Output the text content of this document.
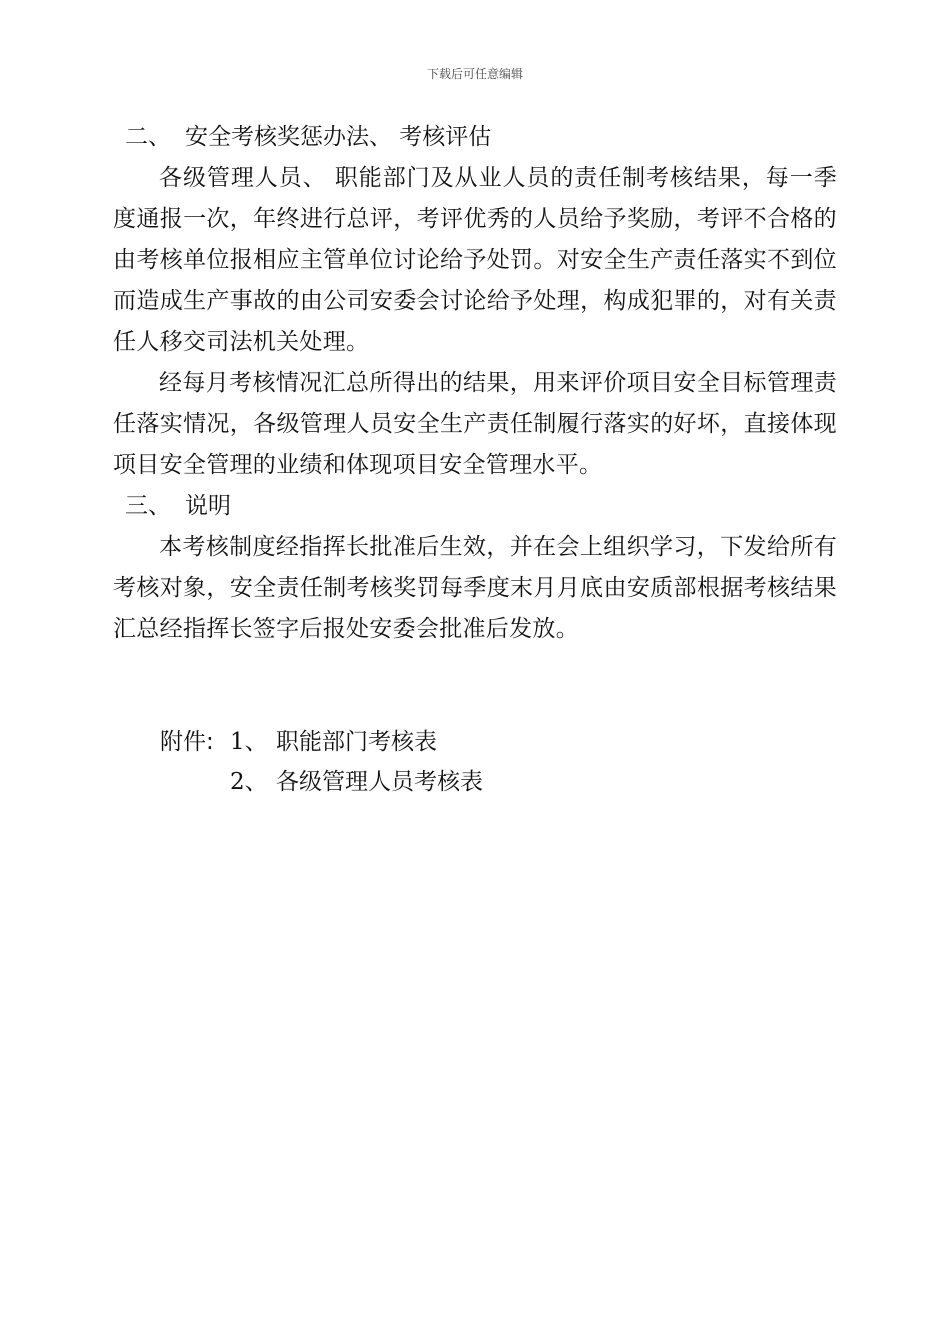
下载后可任意编辑
二、 安全考核奖惩办法、 考核评估

各级管理人员、 职能部门及从业人员的责任制考核结果，每一季度通报一次，年终进行总评，考评优秀的人员给予奖励，考评不合格的由考核单位报相应主管单位讨论给予处罚。对安全生产责任落实不到位而造成生产事故的由公司安委会讨论给予处理，构成犯罪的，对有关责任人移交司法机关处理。

经每月考核情况汇总所得出的结果，用来评价项目安全目标管理责任落实情况，各级管理人员安全生产责任制履行落实的好坏，直接体现项目安全管理的业绩和体现项目安全管理水平。

三、 说明

本考核制度经指挥长批准后生效，并在会上组织学习，下发给所有考核对象，安全责任制考核奖罚每季度末月月底由安质部根据考核结果汇总经指挥长签字后报处安委会批准后发放。

附件: 1、 职能部门考核表
2、 各级管理人员考核表
